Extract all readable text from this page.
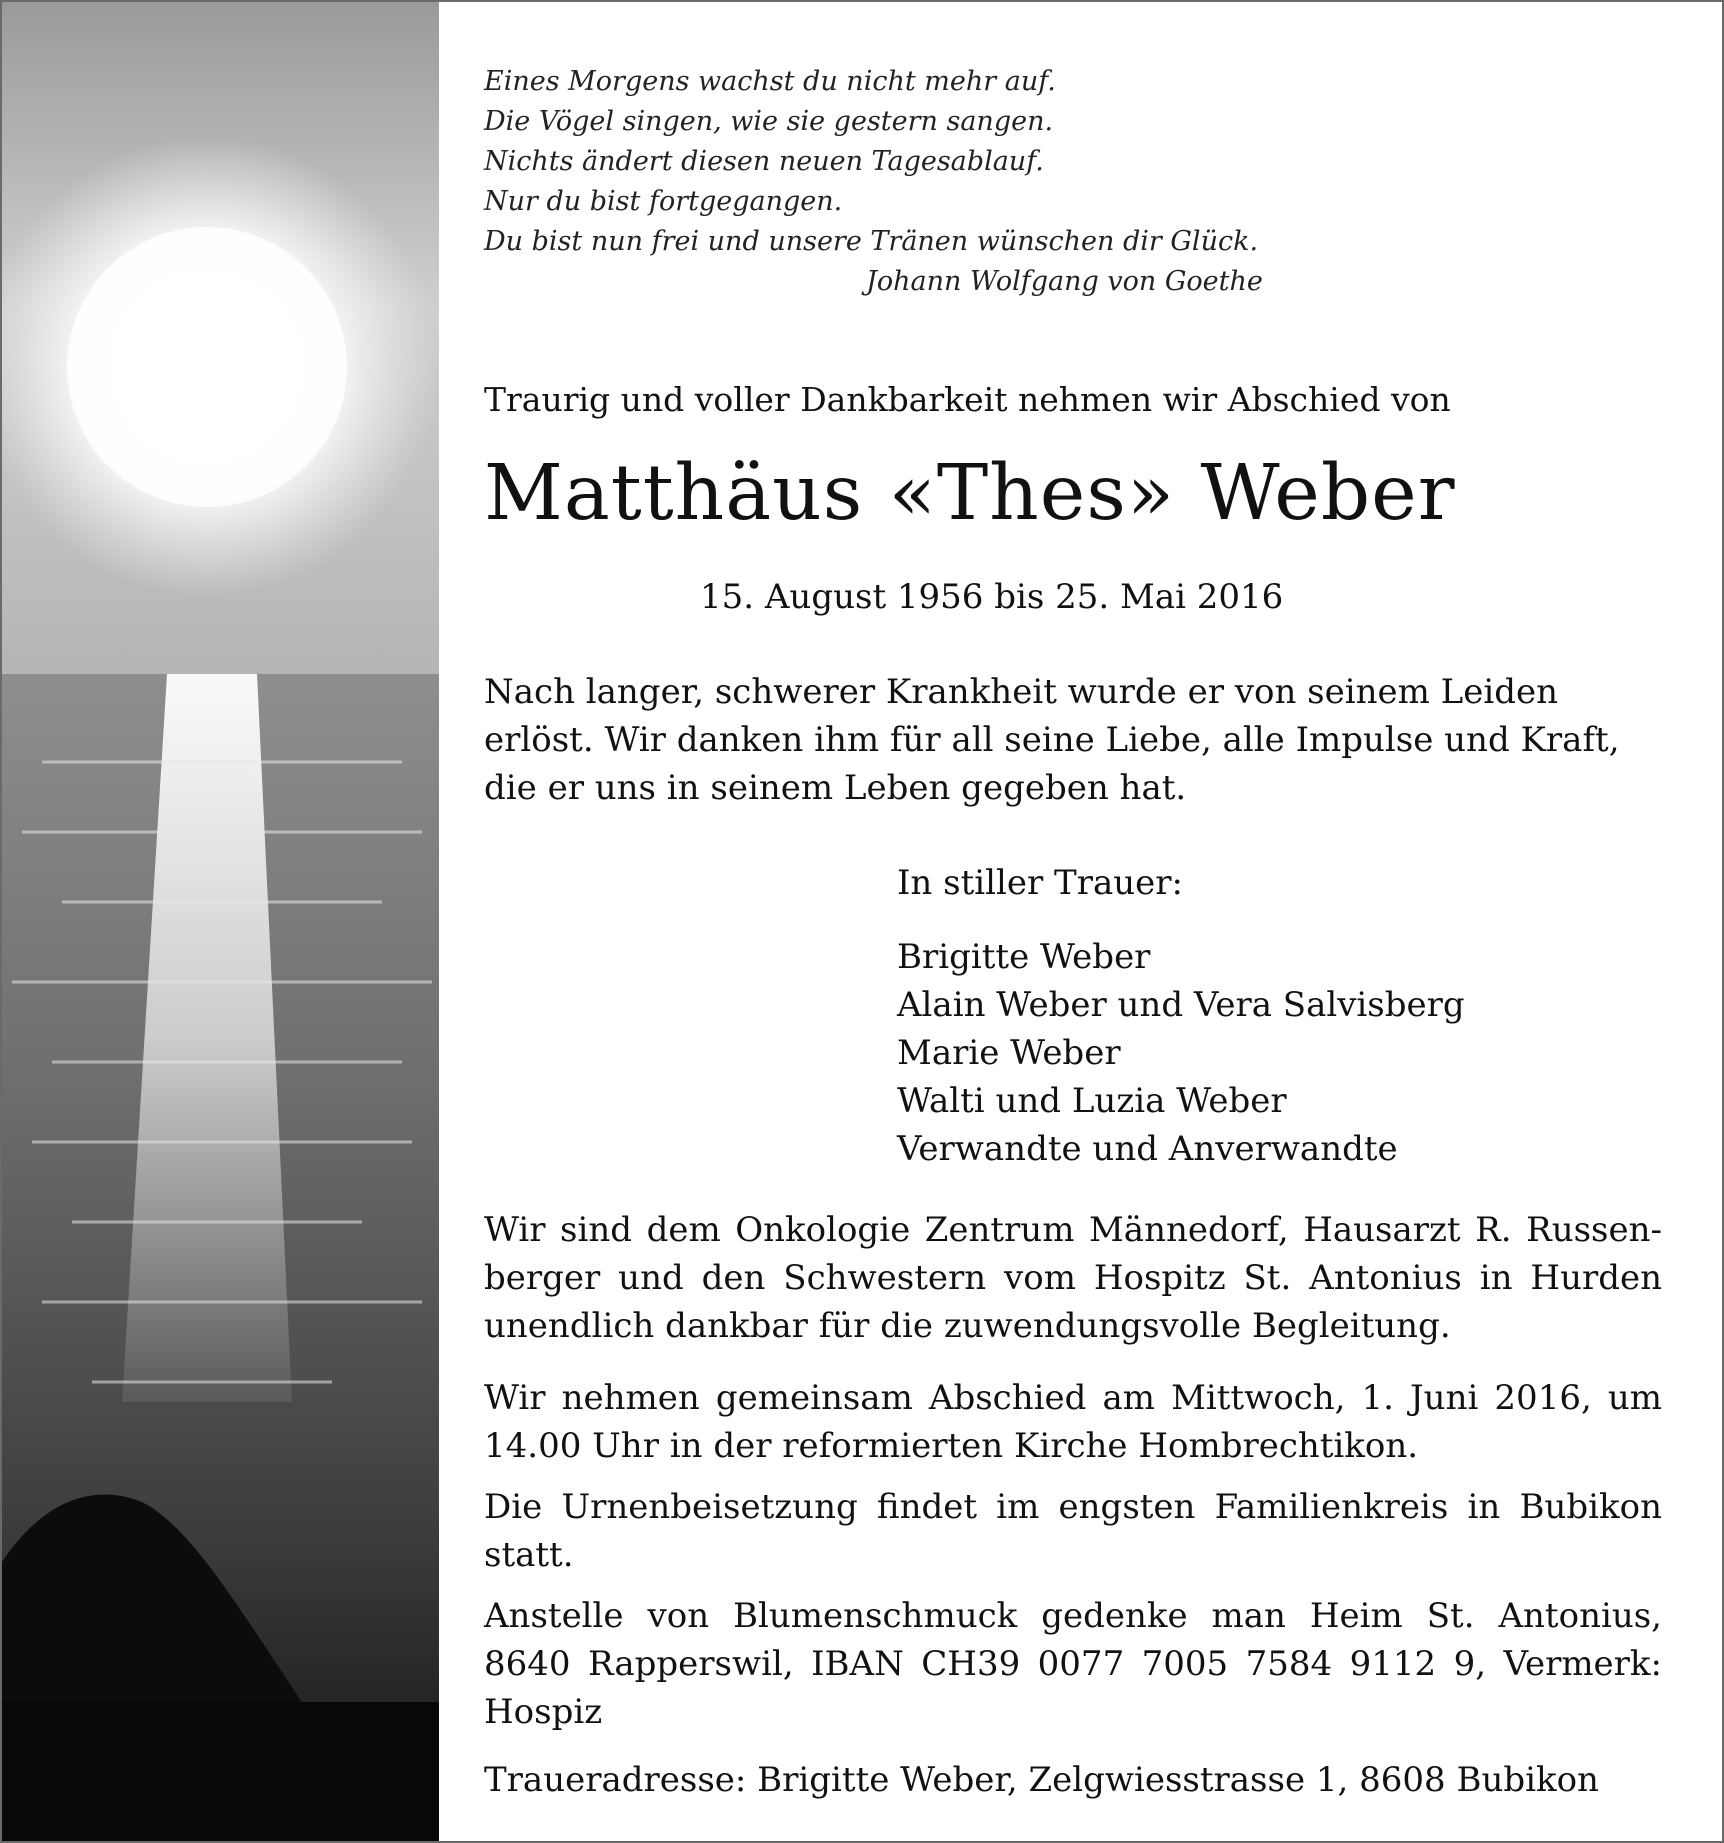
Eines Morgens wachst du nicht mehr auf.
Die Vögel singen, wie sie gestern sangen.
Nichts ändert diesen neuen Tagesablauf.
Nur du bist fortgegangen.
Du bist nun frei und unsere Tränen wünschen dir Glück.
Johann Wolfgang von Goethe
Traurig und voller Dankbarkeit nehmen wir Abschied von
Matthäus «Thes» Weber
15. August 1956 bis 25. Mai 2016
Nach langer, schwerer Krankheit wurde er von seinem Leiden
erlöst. Wir danken ihm für all seine Liebe, alle Impulse und Kraft,
die er uns in seinem Leben gegeben hat.
In stiller Trauer:
Brigitte Weber
Alain Weber und Vera Salvisberg
Marie Weber
Walti und Luzia Weber
Verwandte und Anverwandte
Wir sind dem Onkologie Zentrum Männedorf, Hausarzt R. Russen-
berger und den Schwestern vom Hospitz St. Antonius in Hurden
unendlich dankbar für die zuwendungsvolle Begleitung.
Wir nehmen gemeinsam Abschied am Mittwoch, 1. Juni 2016, um
14.00 Uhr in der reformierten Kirche Hombrechtikon.
Die Urnenbeisetzung findet im engsten Familienkreis in Bubikon
statt.
Anstelle von Blumenschmuck gedenke man Heim St. Antonius,
8640 Rapperswil, IBAN CH39 0077 7005 7584 9112 9, Vermerk:
Hospiz
Traueradresse: Brigitte Weber, Zelgwiesstrasse 1, 8608 Bubikon
